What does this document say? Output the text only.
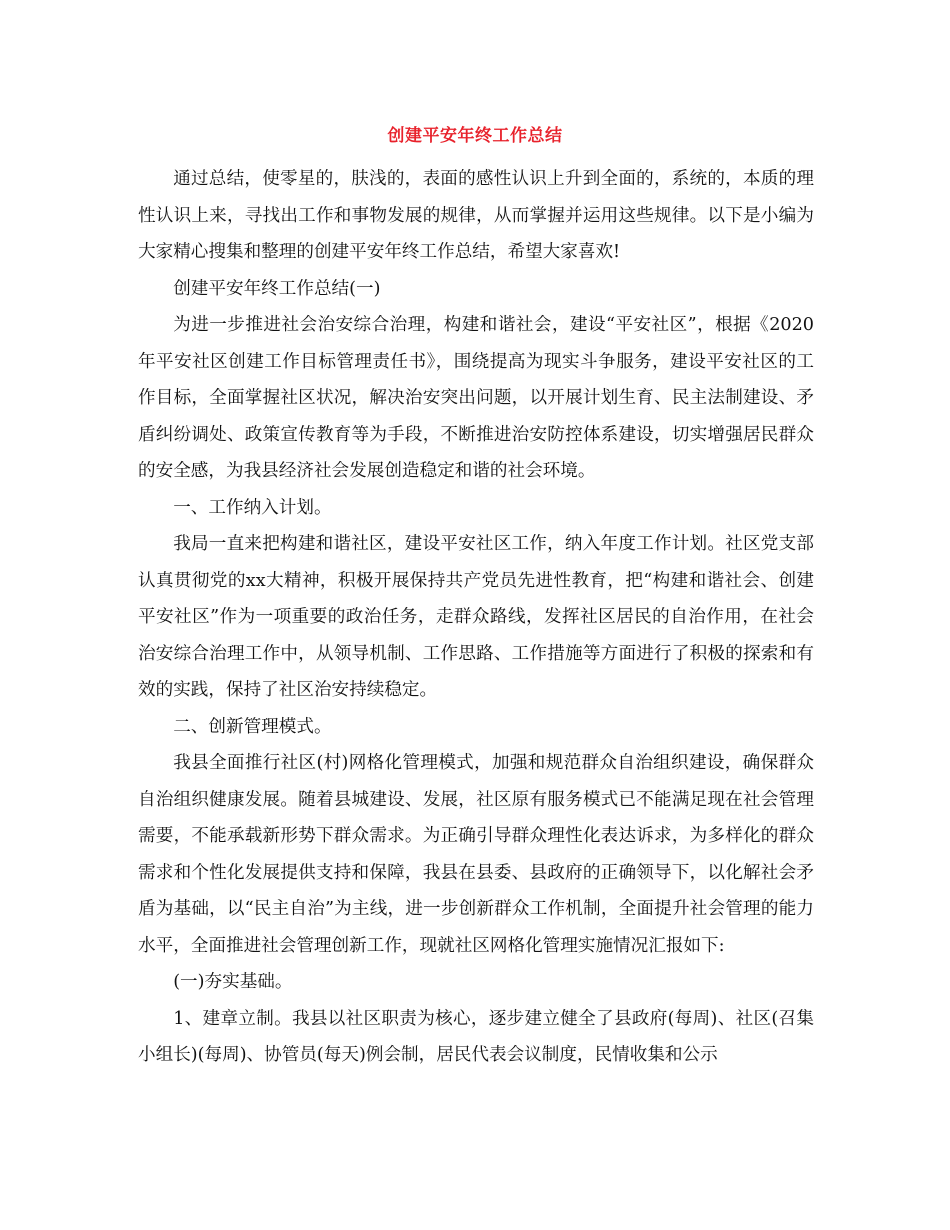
创建平安年终工作总结

通过总结，使零星的，肤浅的，表面的感性认识上升到全面的，系统的，本质的理性认识上来，寻找出工作和事物发展的规律，从而掌握并运用这些规律。以下是小编为大家精心搜集和整理的创建平安年终工作总结，希望大家喜欢!

创建平安年终工作总结(一)

为进一步推进社会治安综合治理，构建和谐社会，建设“平安社区”，根据《2020年平安社区创建工作目标管理责任书》，围绕提高为现实斗争服务，建设平安社区的工作目标，全面掌握社区状况，解决治安突出问题，以开展计划生育、民主法制建设、矛盾纠纷调处、政策宣传教育等为手段，不断推进治安防控体系建设，切实增强居民群众的安全感，为我县经济社会发展创造稳定和谐的社会环境。

一、工作纳入计划。

我局一直来把构建和谐社区，建设平安社区工作，纳入年度工作计划。社区党支部认真贯彻党的xx大精神，积极开展保持共产党员先进性教育，把“构建和谐社会、创建平安社区”作为一项重要的政治任务，走群众路线，发挥社区居民的自治作用，在社会治安综合治理工作中，从领导机制、工作思路、工作措施等方面进行了积极的探索和有效的实践，保持了社区治安持续稳定。

二、创新管理模式。

我县全面推行社区(村)网格化管理模式，加强和规范群众自治组织建设，确保群众自治组织健康发展。随着县城建设、发展，社区原有服务模式已不能满足现在社会管理需要，不能承载新形势下群众需求。为正确引导群众理性化表达诉求，为多样化的群众需求和个性化发展提供支持和保障，我县在县委、县政府的正确领导下，以化解社会矛盾为基础，以“民主自治”为主线，进一步创新群众工作机制，全面提升社会管理的能力水平，全面推进社会管理创新工作，现就社区网格化管理实施情况汇报如下:

(一)夯实基础。

1、建章立制。我县以社区职责为核心，逐步建立健全了县政府(每周)、社区(召集小组长)(每周)、协管员(每天)例会制，居民代表会议制度，民情收集和公示
